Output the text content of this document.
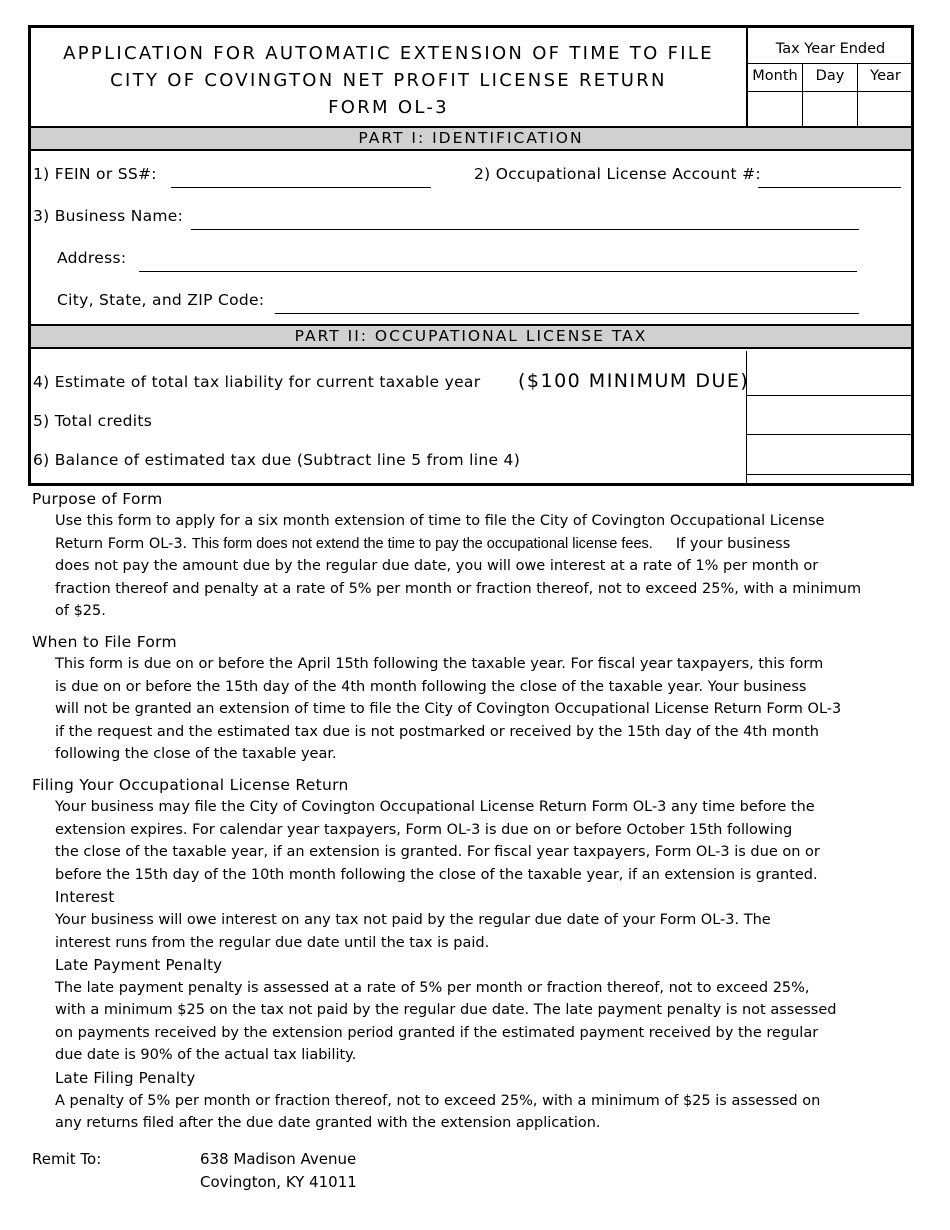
APPLICATION FOR AUTOMATIC EXTENSION OF TIME TO FILE
CITY OF COVINGTON NET PROFIT LICENSE RETURN
FORM OL-3
Tax Year Ended
Month	Day	Year
PART I: IDENTIFICATION
1) FEIN or SS#:	2) Occupational License Account #:
3) Business Name:
Address:
City, State, and ZIP Code:
PART II: OCCUPATIONAL LICENSE TAX
4) Estimate of total tax liability for current taxable year ($100 MINIMUM DUE)
5) Total credits
6) Balance of estimated tax due (Subtract line 5 from line 4)
Purpose of Form

Use this form to apply for a six month extension of time to file the City of Covington Occupational License

Return Form OL-3. This form does not extend the time to pay the occupational license fees.     If your business

does not pay the amount due by the regular due date, you will owe interest at a rate of 1% per month or

fraction thereof and penalty at a rate of 5% per month or fraction thereof, not to exceed 25%, with a minimum

of $25.

When to File Form

This form is due on or before the April 15th following the taxable year. For fiscal year taxpayers, this form

is due on or before the 15th day of the 4th month following the close of the taxable year. Your business

will not be granted an extension of time to file the City of Covington Occupational License Return Form OL-3

if the request and the estimated tax due is not postmarked or received by the 15th day of the 4th month

following the close of the taxable year.

Filing Your Occupational License Return

Your business may file the City of Covington Occupational License Return Form OL-3 any time before the

extension expires. For calendar year taxpayers, Form OL-3 is due on or before October 15th following

the close of the taxable year, if an extension is granted. For fiscal year taxpayers, Form OL-3 is due on or

before the 15th day of the 10th month following the close of the taxable year, if an extension is granted.

Interest

Your business will owe interest on any tax not paid by the regular due date of your Form OL-3. The

interest runs from the regular due date until the tax is paid.

Late Payment Penalty

The late payment penalty is assessed at a rate of 5% per month or fraction thereof, not to exceed 25%,

with a minimum $25 on the tax not paid by the regular due date. The late payment penalty is not assessed

on payments received by the extension period granted if the estimated payment received by the regular

due date is 90% of the actual tax liability.

Late Filing Penalty

A penalty of 5% per month or fraction thereof, not to exceed 25%, with a minimum of $25 is assessed on

any returns filed after the due date granted with the extension application.

Remit To:	638 Madison Avenue
Covington, KY 41011
